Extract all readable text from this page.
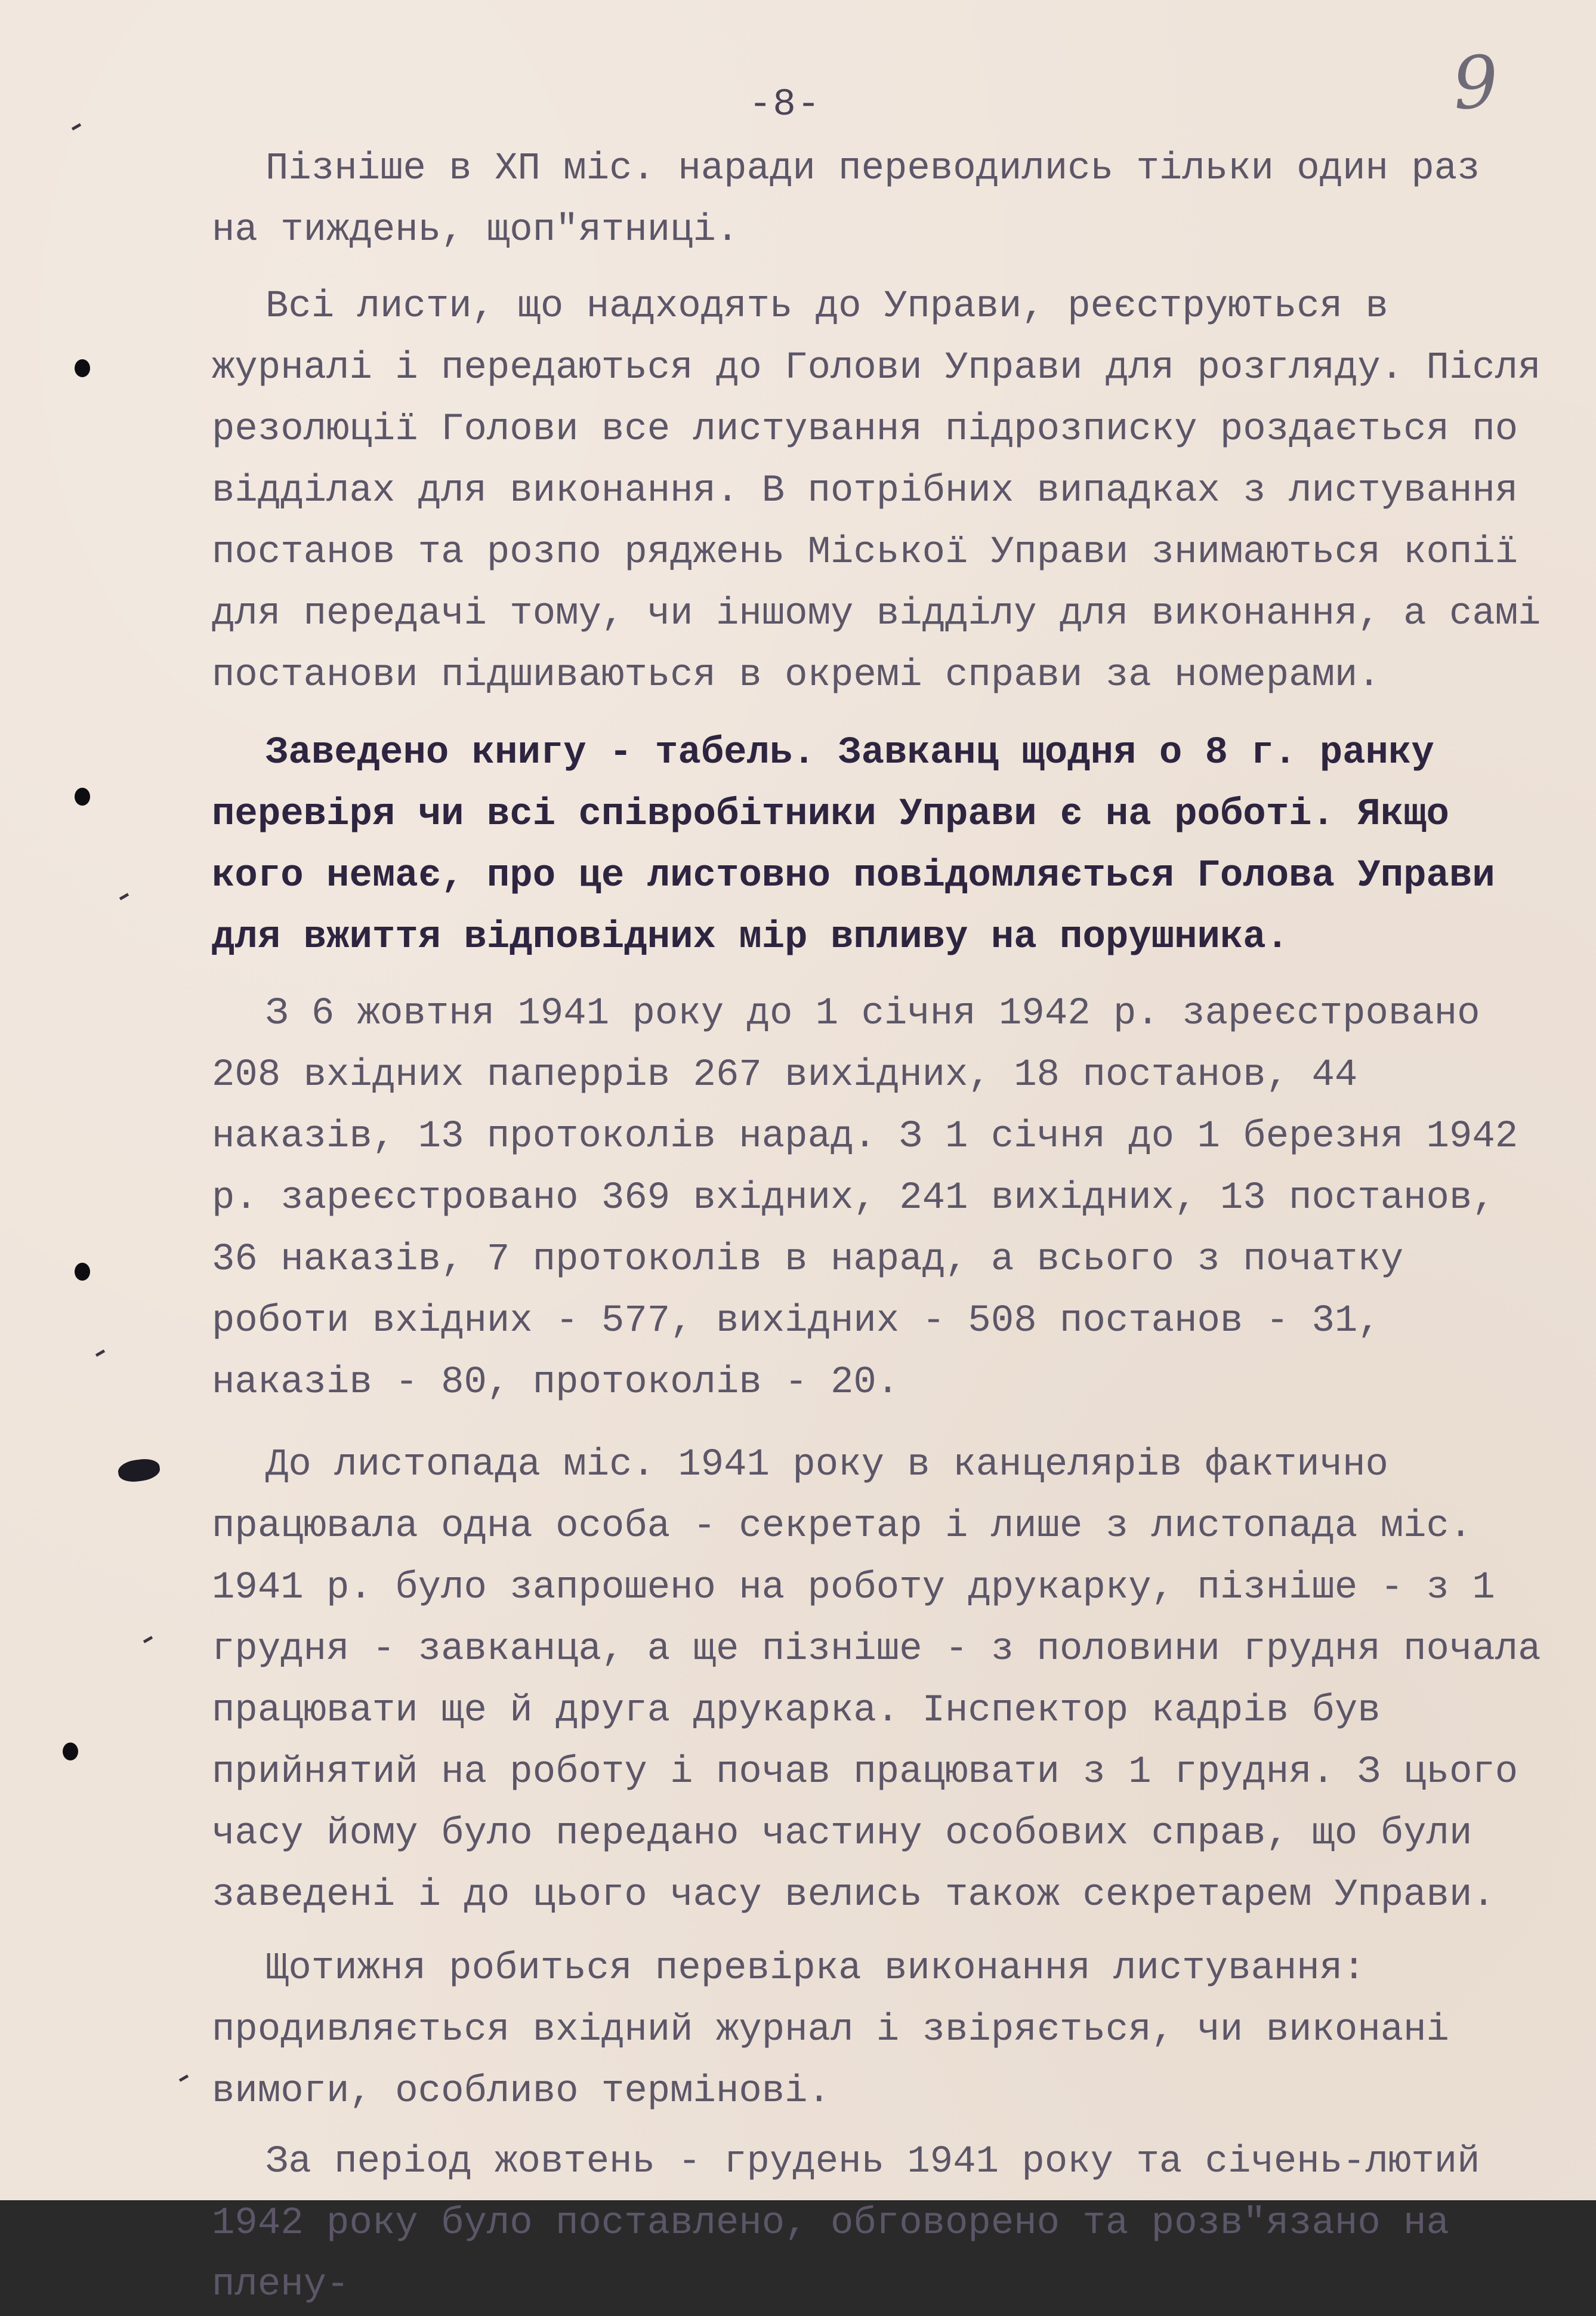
-8-	9

Пізніше в ХП міс. наради переводились тільки один раз на тиждень, щоп"ятниці.

Всі листи, що надходять до Управи, реєструються в журналі і передаються до Голови Управи для розгляду. Після резолюції Голови все листування підрозписку роздається по відділах для виконання. В потрібних випадках з листування постанов та розпо ряджень Міської Управи знимаються копії для передачі тому, чи іншому відділу для виконання, а самі постанови підшиваються в окремі справи за номерами.

Заведено книгу - табель. Завканц щодня о 8 г. ранку перевіря чи всі співробітники Управи є на роботі. Якщо кого немає, про це листовно повідомляється Голова Управи для вжиття відповідних мір впливу на порушника.

З 6 жовтня 1941 року до 1 січня 1942 р. зареєстровано 208 вхідних паперрів 267 вихідних, 18 постанов, 44 наказів, 13 протоколів нарад. З 1 січня до 1 березня 1942 р. зареєстровано 369 вхідних, 241 вихідних, 13 постанов, 36 наказів, 7 протоколів в нарад, а всього з початку роботи вхідних - 577, вихідних - 508 постанов - 31, наказів - 80, протоколів - 20.

До листопада міс. 1941 року в канцелярів фактично працювала одна особа - секретар і лише з листопада міс. 1941 р. було запрошено на роботу друкарку, пізніше - з 1 грудня - завканца, а ще пізніше - з половини грудня почала працювати ще й друга друкарка. Інспектор кадрів був прийнятий на роботу і почав працювати з 1 грудня. З цього часу йому було передано частину особових справ, що були заведені і до цього часу велись також секретарем Управи.

Щотижня робиться перевірка виконання листування: продивляється вхідний журнал і звіряється, чи виконані вимоги, особливо термінові.

За період жовтень - грудень 1941 року та січень-лютий 1942 року було поставлено, обговорено та розв"язано на плену-
